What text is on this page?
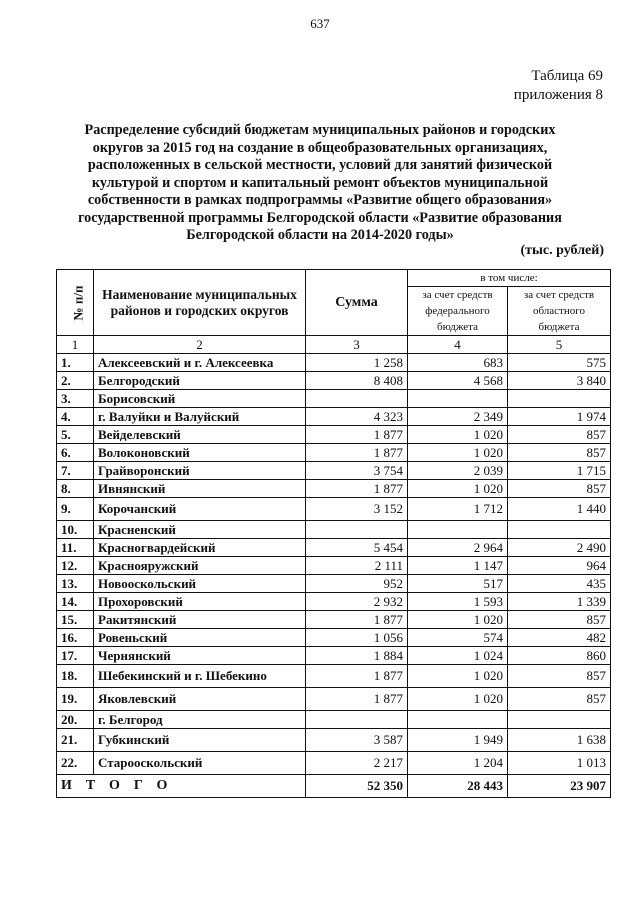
637
Таблица 69
приложения 8
Распределение субсидий бюджетам муниципальных районов и городских округов за 2015 год на создание в общеобразовательных организациях, расположенных в сельской местности, условий для занятий физической культурой и спортом и капитальный ремонт объектов муниципальной собственности в рамках подпрограммы «Развитие общего образования» государственной программы Белгородской области «Развитие образования Белгородской области на 2014-2020 годы»
(тыс. рублей)
№ п/п	Наименование муниципальных районов и городских округов	Сумма	в том числе:	
			за счет средств федерального бюджета	за счет средств областного бюджета
1	2	3	4	5
1.	Алексеевский и г. Алексеевка	1 258	683	575
2.	Белгородский	8 408	4 568	3 840
3.	Борисовский			
4.	г. Валуйки и Валуйский	4 323	2 349	1 974
5.	Вейделевский	1 877	1 020	857
6.	Волоконовский	1 877	1 020	857
7.	Грайворонский	3 754	2 039	1 715
8.	Ивнянский	1 877	1 020	857
9.	Корочанский	3 152	1 712	1 440
10.	Красненский			
11.	Красногвардейский	5 454	2 964	2 490
12.	Краснояружский	2 111	1 147	964
13.	Новооскольский	952	517	435
14.	Прохоровский	2 932	1 593	1 339
15.	Ракитянский	1 877	1 020	857
16.	Ровеньский	1 056	574	482
17.	Чернянский	1 884	1 024	860
18.	Шебекинский и г. Шебекино	1 877	1 020	857
19.	Яковлевский	1 877	1 020	857
20.	г. Белгород			
21.	Губкинский	3 587	1 949	1 638
22.	Старооскольский	2 217	1 204	1 013
ИТОГО		52 350	28 443	23 907
